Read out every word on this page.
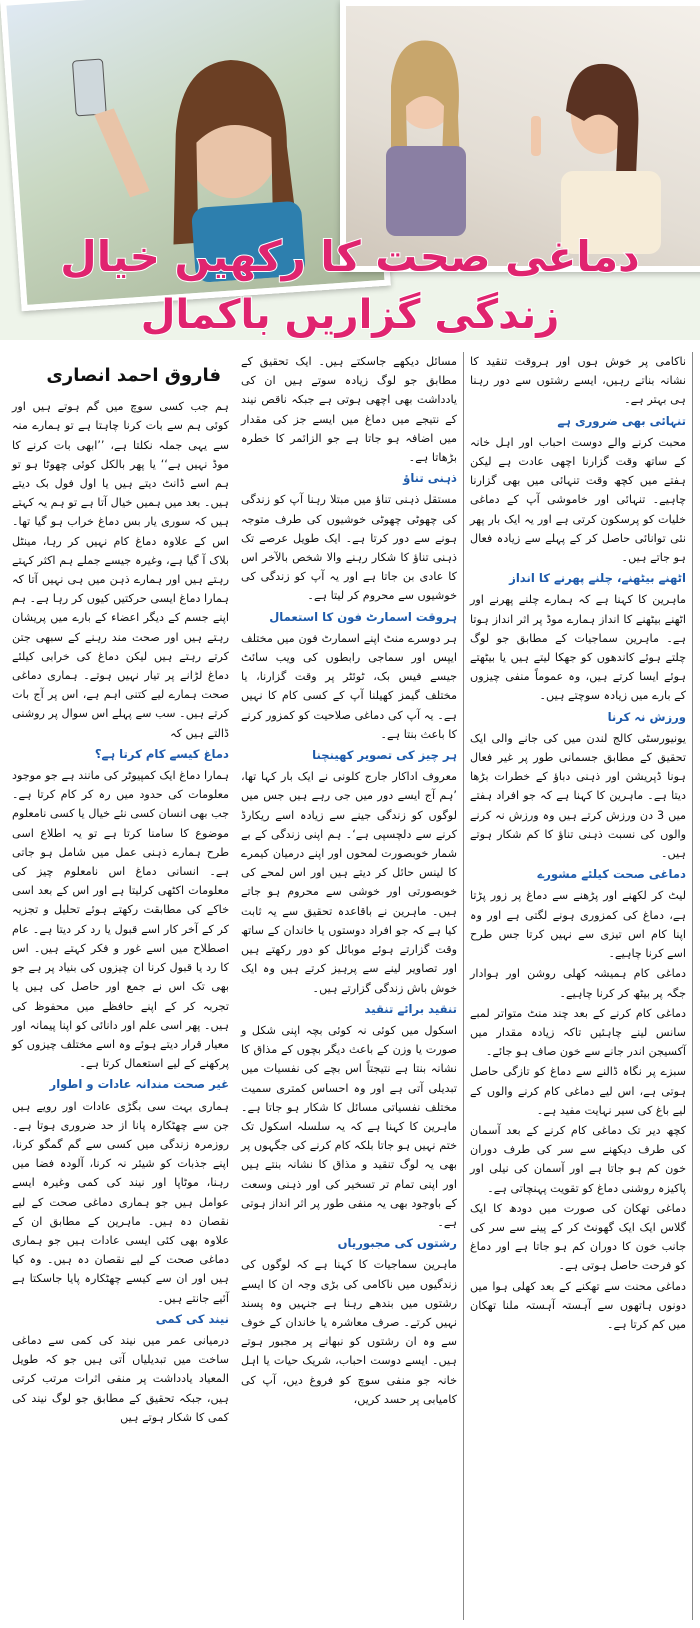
دماغی صحت کا رکھیں خیال
زندگی گزاریں باکمال
فاروق احمد انصاری

ہم جب کسی سوچ میں گم ہوتے ہیں اور کوئی ہم سے بات کرنا چاہتا ہے تو ہمارے منہ سے یہی جملہ نکلتا ہے، ’’ابھی بات کرنے کا موڈ نہیں ہے‘‘ یا پھر بالکل کوئی چھوٹا ہو تو ہم اسے ڈانٹ دیتے ہیں یا اول فول بک دیتے ہیں۔ بعد میں ہمیں خیال آتا ہے تو ہم یہ کہتے ہیں کہ سوری یار بس دماغ خراب ہو گیا تھا۔ اس کے علاوہ دماغ کام نہیں کر رہا، مینٹل بلاک آ گیا ہے، وغیرہ جیسے جملے ہم اکثر کہتے رہتے ہیں اور ہمارے ذہن میں ہی نہیں آتا کہ ہمارا دماغ ایسی حرکتیں کیوں کر رہا ہے۔ ہم اپنے جسم کے دیگر اعضاء کے بارے میں پریشان رہتے ہیں اور صحت مند رہنے کے سبھی جتن کرتے رہتے ہیں لیکن دماغ کی خرابی کیلئے دماغ لڑانے پر تیار نہیں ہوتے۔ ہماری دماغی صحت ہمارے لیے کتنی اہم ہے، اس پر آج بات کرتے ہیں۔ سب سے پہلے اس سوال پر روشنی ڈالتے ہیں کہ

دماغ کیسے کام کرتا ہے؟

ہمارا دماغ ایک کمپیوٹر کی مانند ہے جو موجود معلومات کی حدود میں رہ کر کام کرتا ہے۔ جب بھی انسان کسی نئے خیال یا کسی نامعلوم موضوع کا سامنا کرتا ہے تو یہ اطلاع اسی طرح ہمارے ذہنی عمل میں شامل ہو جاتی ہے۔ انسانی دماغ اس نامعلوم چیز کی معلومات اکٹھی کرلیتا ہے اور اس کے بعد اسی خاکے کی مطابقت رکھتے ہوئے تحلیل و تجزیہ کر کے آخر کار اسے قبول یا رد کر دیتا ہے۔ عام اصطلاح میں اسے غور و فکر کہتے ہیں۔ اس کا رد یا قبول کرنا ان چیزوں کی بنیاد پر ہے جو بھی تک اس نے جمع اور حاصل کی ہیں یا تجربہ کر کے اپنے حافظے میں محفوظ کی ہیں۔ پھر اسی علم اور دانائی کو اپنا پیمانہ اور معیار قرار دیتے ہوئے وہ اسے مختلف چیزوں کو پرکھنے کے لیے استعمال کرتا ہے۔

غیر صحت مندانہ عادات و اطوار

ہماری بہت سی بگڑی عادات اور رویے ہیں جن سے چھٹکارہ پانا از حد ضروری ہوتا ہے۔ روزمرہ زندگی میں کسی سے گم گمگو کرنا، اپنے جذبات کو شیئر نہ کرنا، آلودہ فضا میں رہنا، موٹاپا اور نیند کی کمی وغیرہ ایسے عوامل ہیں جو ہماری دماغی صحت کے لیے نقصان دہ ہیں۔ ماہرین کے مطابق ان کے علاوہ بھی کئی ایسی عادات ہیں جو ہماری دماغی صحت کے لیے نقصان دہ ہیں۔ وہ کیا ہیں اور ان سے کیسے چھٹکارہ پایا جاسکتا ہے آئیے جانتے ہیں۔

نیند کی کمی

درمیانی عمر میں نیند کی کمی سے دماغی ساخت میں تبدیلیاں آتی ہیں جو کہ طویل المعیاد یادداشت پر منفی اثرات مرتب کرتی ہیں، جبکہ تحقیق کے مطابق جو لوگ نیند کی کمی کا شکار ہوتے ہیں

مسائل دیکھے جاسکتے ہیں۔ ایک تحقیق کے مطابق جو لوگ زیادہ سوتے ہیں ان کی یادداشت بھی اچھی ہوتی ہے جبکہ ناقص نیند کے نتیجے میں دماغ میں ایسے جز کی مقدار میں اضافہ ہو جاتا ہے جو الزائمر کا خطرہ بڑھاتا ہے۔

ذہنی تناؤ

مستقل ذہنی تناؤ میں مبتلا رہنا آپ کو زندگی کی چھوٹی چھوٹی خوشیوں کی طرف متوجہ ہونے سے دور کرتا ہے۔ ایک طویل عرصے تک ذہنی تناؤ کا شکار رہنے والا شخص بالآخر اس کا عادی بن جاتا ہے اور یہ آپ کو زندگی کی خوشیوں سے محروم کر لیتا ہے۔

ہروقت اسمارٹ فون کا استعمال

ہر دوسرے منٹ اپنے اسمارٹ فون میں مختلف ایپس اور سماجی رابطوں کی ویب سائٹ جیسے فیس بک، ٹوئٹر پر وقت گزارنا، یا مختلف گیمز کھیلنا آپ کے کسی کام کا نہیں ہے۔ یہ آپ کی دماغی صلاحیت کو کمزور کرنے کا باعث بنتا ہے۔

ہر چیز کی تصویر کھینچنا

معروف اداکار جارج کلونی نے ایک بار کہا تھا، ’ہم آج ایسے دور میں جی رہے ہیں جس میں لوگوں کو زندگی جینے سے زیادہ اسے ریکارڈ کرنے سے دلچسپی ہے‘۔ ہم اپنی زندگی کے بے شمار خوبصورت لمحوں اور اپنے درمیان کیمرے کا لینس حائل کر دیتے ہیں اور اس لمحے کی خوبصورتی اور خوشی سے محروم ہو جاتے ہیں۔ ماہرین نے باقاعدہ تحقیق سے یہ ثابت کیا ہے کہ جو افراد دوستوں یا خاندان کے ساتھ وقت گزارتے ہوئے موبائل کو دور رکھتے ہیں اور تصاویر لینے سے پرہیز کرتے ہیں وہ ایک خوش باش زندگی گزارتے ہیں۔

تنقید برائے تنقید

اسکول میں کوئی نہ کوئی بچہ اپنی شکل و صورت یا وزن کے باعث دیگر بچوں کے مذاق کا نشانہ بنتا ہے نتیجتاً اس بچے کی نفسیات میں تبدیلی آتی ہے اور وہ احساس کمتری سمیت مختلف نفسیاتی مسائل کا شکار ہو جاتا ہے۔ ماہرین کا کہنا ہے کہ یہ سلسلہ اسکول تک ختم نہیں ہو جاتا بلکہ کام کرنے کی جگہوں پر بھی یہ لوگ تنقید و مذاق کا نشانہ بنتے ہیں اور اپنی تمام تر تسخیر کی اور ذہنی وسعت کے باوجود بھی یہ منفی طور پر اثر انداز ہوتی ہے۔

رشتوں کی مجبوریاں

ماہرین سماجیات کا کہنا ہے کہ لوگوں کی زندگیوں میں ناکامی کی بڑی وجہ ان کا ایسے رشتوں میں بندھے رہنا ہے جنہیں وہ پسند نہیں کرتے۔ صرف معاشرہ یا خاندان کے خوف سے وہ ان رشتوں کو نبھانے پر مجبور ہوتے ہیں۔ ایسے دوست احباب، شریک حیات یا اہل خانہ جو منفی سوچ کو فروغ دیں، آپ کی کامیابی پر حسد کریں،

ناکامی پر خوش ہوں اور ہروقت تنقید کا نشانہ بناتے رہیں، ایسے رشتوں سے دور رہنا ہی بہتر ہے۔

تنہائی بھی ضروری ہے

محبت کرنے والے دوست احباب اور اہل خانہ کے ساتھ وقت گزارنا اچھی عادت ہے لیکن ہفتے میں کچھ وقت تنہائی میں بھی گزارنا چاہیے۔ تنہائی اور خاموشی آپ کے دماغی خلیات کو پرسکون کرتی ہے اور یہ ایک بار پھر نئی توانائی حاصل کر کے پہلے سے زیادہ فعال ہو جاتے ہیں۔

اٹھنے بیٹھنے، چلنے پھرنے کا انداز

ماہرین کا کہنا ہے کہ ہمارے چلنے پھرنے اور اٹھنے بیٹھنے کا انداز ہمارے موڈ پر اثر انداز ہوتا ہے۔ ماہرین سماجیات کے مطابق جو لوگ چلتے ہوئے کاندھوں کو جھکا لیتے ہیں یا بیٹھتے ہوئے ایسا کرتے ہیں، وہ عموماً منفی چیزوں کے بارے میں زیادہ سوچتے ہیں۔

ورزش نہ کرنا

یونیورسٹی کالج لندن میں کی جانے والی ایک تحقیق کے مطابق جسمانی طور پر غیر فعال ہونا ڈپریشن اور ذہنی دباؤ کے خطرات بڑھا دیتا ہے۔ ماہرین کا کہنا ہے کہ جو افراد ہفتے میں 3 دن ورزش کرتے ہیں وہ ورزش نہ کرنے والوں کی نسبت ذہنی تناؤ کا کم شکار ہوتے ہیں۔

دماغی صحت کیلئے مشورے

لیٹ کر لکھنے اور پڑھنے سے دماغ پر زور پڑتا ہے، دماغ کی کمزوری ہونے لگتی ہے اور وہ اپنا کام اس تیزی سے نہیں کرتا جس طرح اسے کرنا چاہیے۔

دماغی کام ہمیشہ کھلی روشن اور ہوادار جگہ پر بیٹھ کر کرنا چاہیے۔

دماغی کام کرنے کے بعد چند منٹ متواتر لمبے سانس لینے چاہئیں تاکہ زیادہ مقدار میں آکسیجن اندر جانے سے خون صاف ہو جائے۔

سبزے پر نگاہ ڈالنے سے دماغ کو تازگی حاصل ہوتی ہے، اس لیے دماغی کام کرنے والوں کے لیے باغ کی سیر نہایت مفید ہے۔

کچھ دیر تک دماغی کام کرنے کے بعد آسمان کی طرف دیکھنے سے سر کی طرف دوران خون کم ہو جاتا ہے اور آسمان کی نیلی اور پاکیزہ روشنی دماغ کو تقویت پہنچاتی ہے۔

دماغی تھکان کی صورت میں دودھ کا ایک گلاس ایک ایک گھونٹ کر کے پینے سے سر کی جانب خون کا دوران کم ہو جاتا ہے اور دماغ کو فرحت حاصل ہوتی ہے۔

دماغی محنت سے تھکنے کے بعد کھلی ہوا میں دونوں ہاتھوں سے آہستہ آہستہ ملنا تھکان میں کم کرتا ہے۔
